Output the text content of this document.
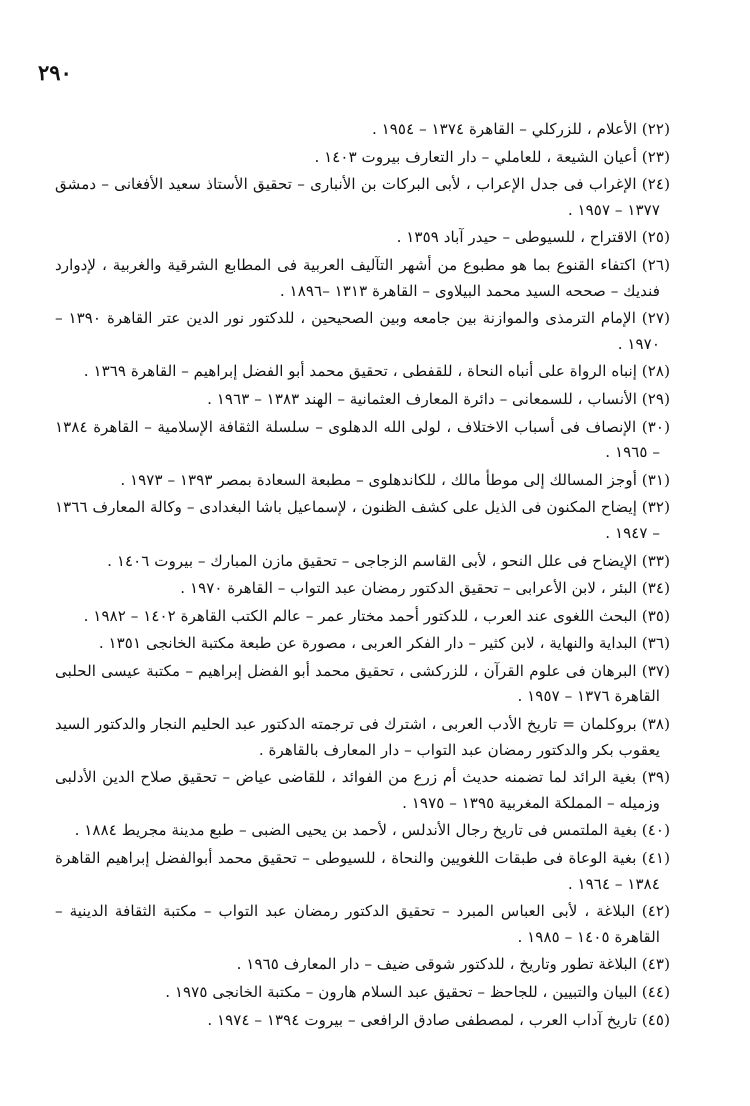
٢٩٠
(٢٢) الأعلام ، للزركلي – القاهرة ١٣٧٤ – ١٩٥٤ .
(٢٣) أعيان الشيعة ، للعاملي – دار التعارف بيروت ١٤٠٣ .
(٢٤) الإغراب فى جدل الإعراب ، لأبى البركات بن الأنبارى – تحقيق الأستاذ سعيد الأفغانى – دمشق ١٣٧٧ – ١٩٥٧ .
(٢٥) الاقتراح ، للسيوطى – حيدر آباد ١٣٥٩ .
(٢٦) اكتفاء القنوع بما هو مطبوع من أشهر التآليف العربية فى المطابع الشرقية والغربية ، لإدوارد فنديك – صححه السيد محمد البيلاوى – القاهرة ١٣١٣ –١٨٩٦ .
(٢٧) الإمام الترمذى والموازنة بين جامعه وبين الصحيحين ، للدكتور نور الدين عتر القاهرة ١٣٩٠ – ١٩٧٠ .
(٢٨) إنباه الرواة على أنباه النحاة ، للقفطى ، تحقيق محمد أبو الفضل إبراهيم – القاهرة ١٣٦٩ .
(٢٩) الأنساب ، للسمعانى – دائرة المعارف العثمانية – الهند ١٣٨٣ – ١٩٦٣ .
(٣٠) الإنصاف فى أسباب الاختلاف ، لولى الله الدهلوى – سلسلة الثقافة الإسلامية – القاهرة ١٣٨٤ – ١٩٦٥ .
(٣١) أوجز المسالك إلى موطأ مالك ، للكاندهلوى – مطبعة السعادة بمصر ١٣٩٣ – ١٩٧٣ .
(٣٢) إيضاح المكنون فى الذيل على كشف الظنون ، لإسماعيل باشا البغدادى – وكالة المعارف ١٣٦٦ – ١٩٤٧ .
(٣٣) الإيضاح فى علل النحو ، لأبى القاسم الزجاجى – تحقيق مازن المبارك – بيروت ١٤٠٦ .
(٣٤) البئر ، لابن الأعرابى – تحقيق الدكتور رمضان عبد التواب – القاهرة ١٩٧٠ .
(٣٥) البحث اللغوى عند العرب ، للدكتور أحمد مختار عمر – عالم الكتب القاهرة ١٤٠٢ – ١٩٨٢ .
(٣٦) البداية والنهاية ، لابن كثير – دار الفكر العربى ، مصورة عن طبعة مكتبة الخانجى ١٣٥١ .
(٣٧) البرهان فى علوم القرآن ، للزركشى ، تحقيق محمد أبو الفضل إبراهيم – مكتبة عيسى الحلبى القاهرة ١٣٧٦ – ١٩٥٧ .
(٣٨) بروكلمان = تاريخ الأدب العربى ، اشترك فى ترجمته الدكتور عبد الحليم النجار والدكتور السيد يعقوب بكر والدكتور رمضان عبد التواب – دار المعارف بالقاهرة .
(٣٩) بغية الرائد لما تضمنه حديث أم زرع من الفوائد ، للقاضى عياض – تحقيق صلاح الدين الأدلبى وزميله – المملكة المغربية ١٣٩٥ – ١٩٧٥ .
(٤٠) بغية الملتمس فى تاريخ رجال الأندلس ، لأحمد بن يحيى الضبى – طبع مدينة مجريط ١٨٨٤ .
(٤١) بغية الوعاة فى طبقات اللغويين والنحاة ، للسيوطى – تحقيق محمد أبوالفضل إبراهيم القاهرة ١٣٨٤ – ١٩٦٤ .
(٤٢) البلاغة ، لأبى العباس المبرد – تحقيق الدكتور رمضان عبد التواب – مكتبة الثقافة الدينية – القاهرة ١٤٠٥ – ١٩٨٥ .
(٤٣) البلاغة تطور وتاريخ ، للدكتور شوقى ضيف – دار المعارف ١٩٦٥ .
(٤٤) البيان والتبيين ، للجاحظ – تحقيق عبد السلام هارون – مكتبة الخانجى ١٩٧٥ .
(٤٥) تاريخ آداب العرب ، لمصطفى صادق الرافعى – بيروت ١٣٩٤ – ١٩٧٤ .
